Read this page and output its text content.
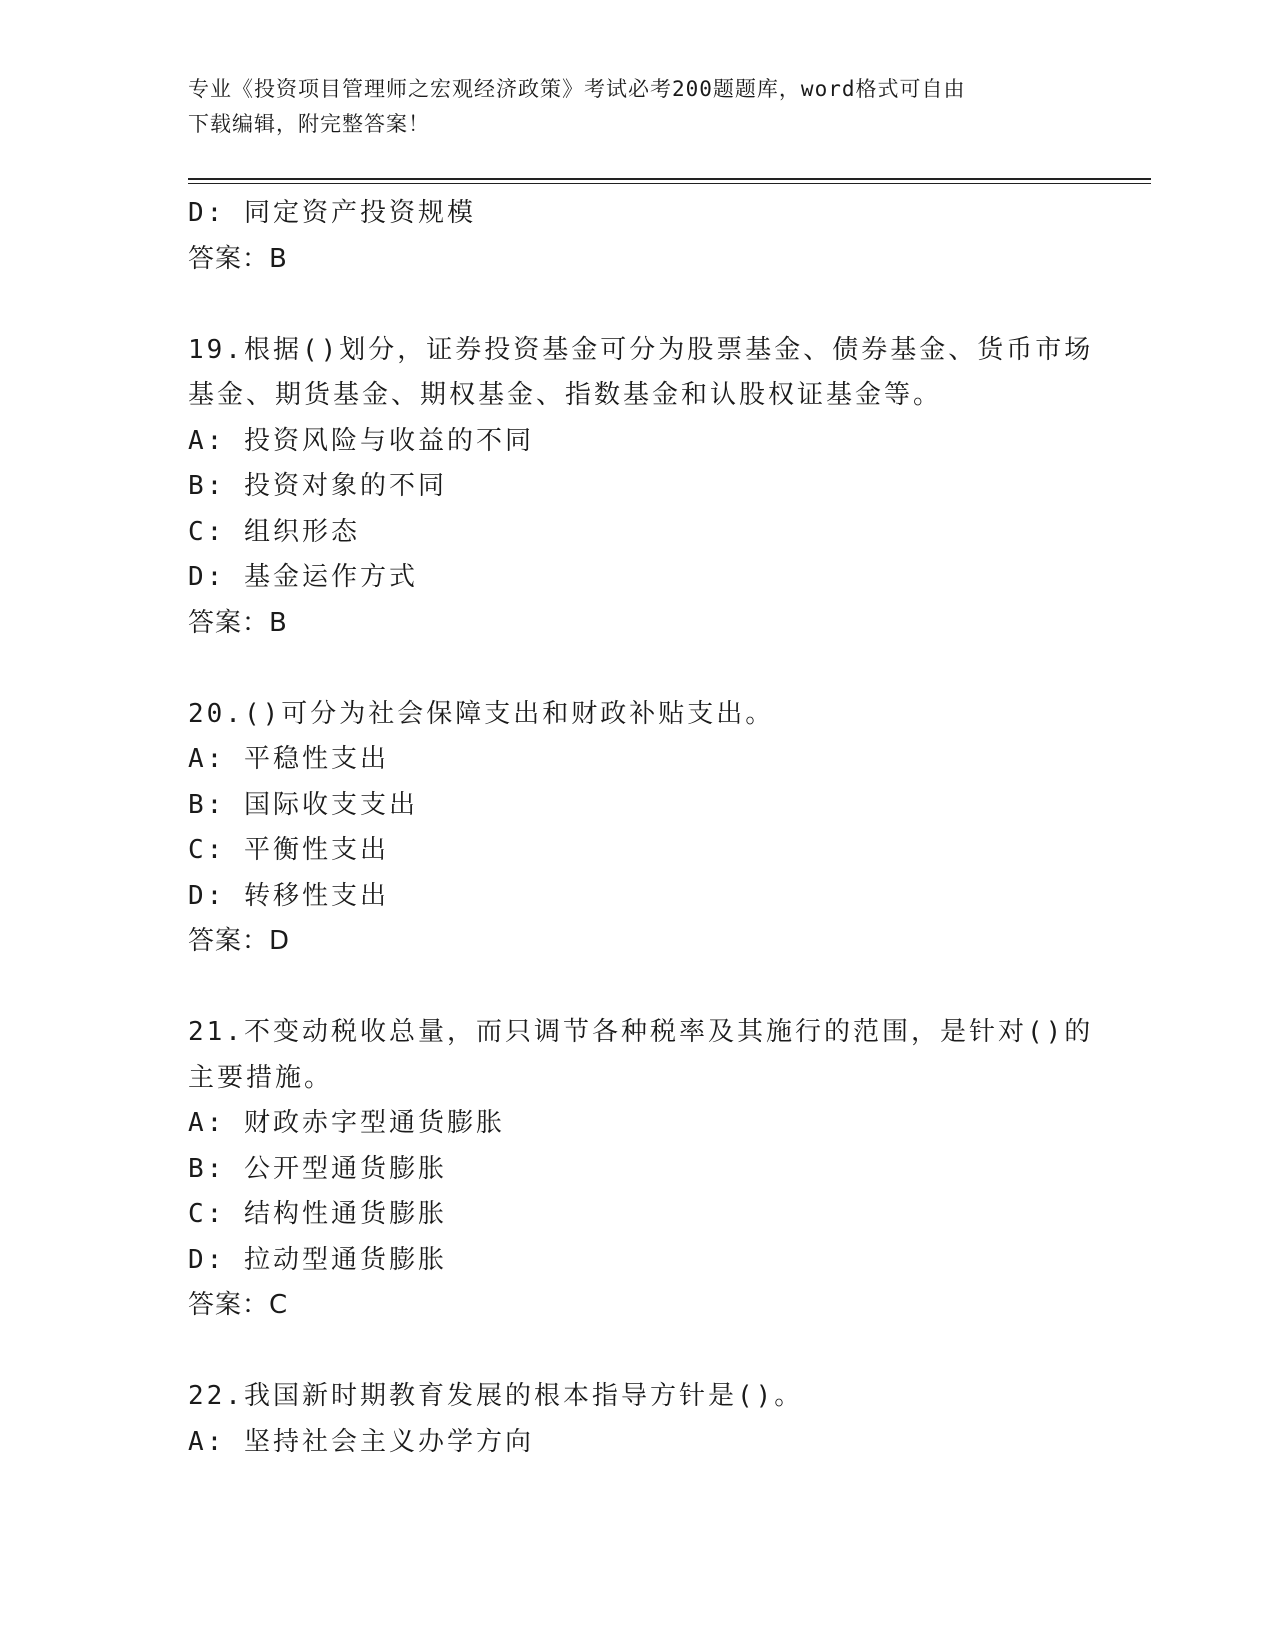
专业《投资项目管理师之宏观经济政策》考试必考200题题库，word格式可自由
下载编辑，附完整答案！
D: 同定资产投资规模
答案：B
19.根据()划分，证券投资基金可分为股票基金、债券基金、货币市场
基金、期货基金、期权基金、指数基金和认股权证基金等。
A: 投资风险与收益的不同
B: 投资对象的不同
C: 组织形态
D: 基金运作方式
答案：B
20.()可分为社会保障支出和财政补贴支出。
A: 平稳性支出
B: 国际收支支出
C: 平衡性支出
D: 转移性支出
答案：D
21.不变动税收总量，而只调节各种税率及其施行的范围，是针对()的
主要措施。
A: 财政赤字型通货膨胀
B: 公开型通货膨胀
C: 结构性通货膨胀
D: 拉动型通货膨胀
答案：C
22.我国新时期教育发展的根本指导方针是()。
A: 坚持社会主义办学方向
